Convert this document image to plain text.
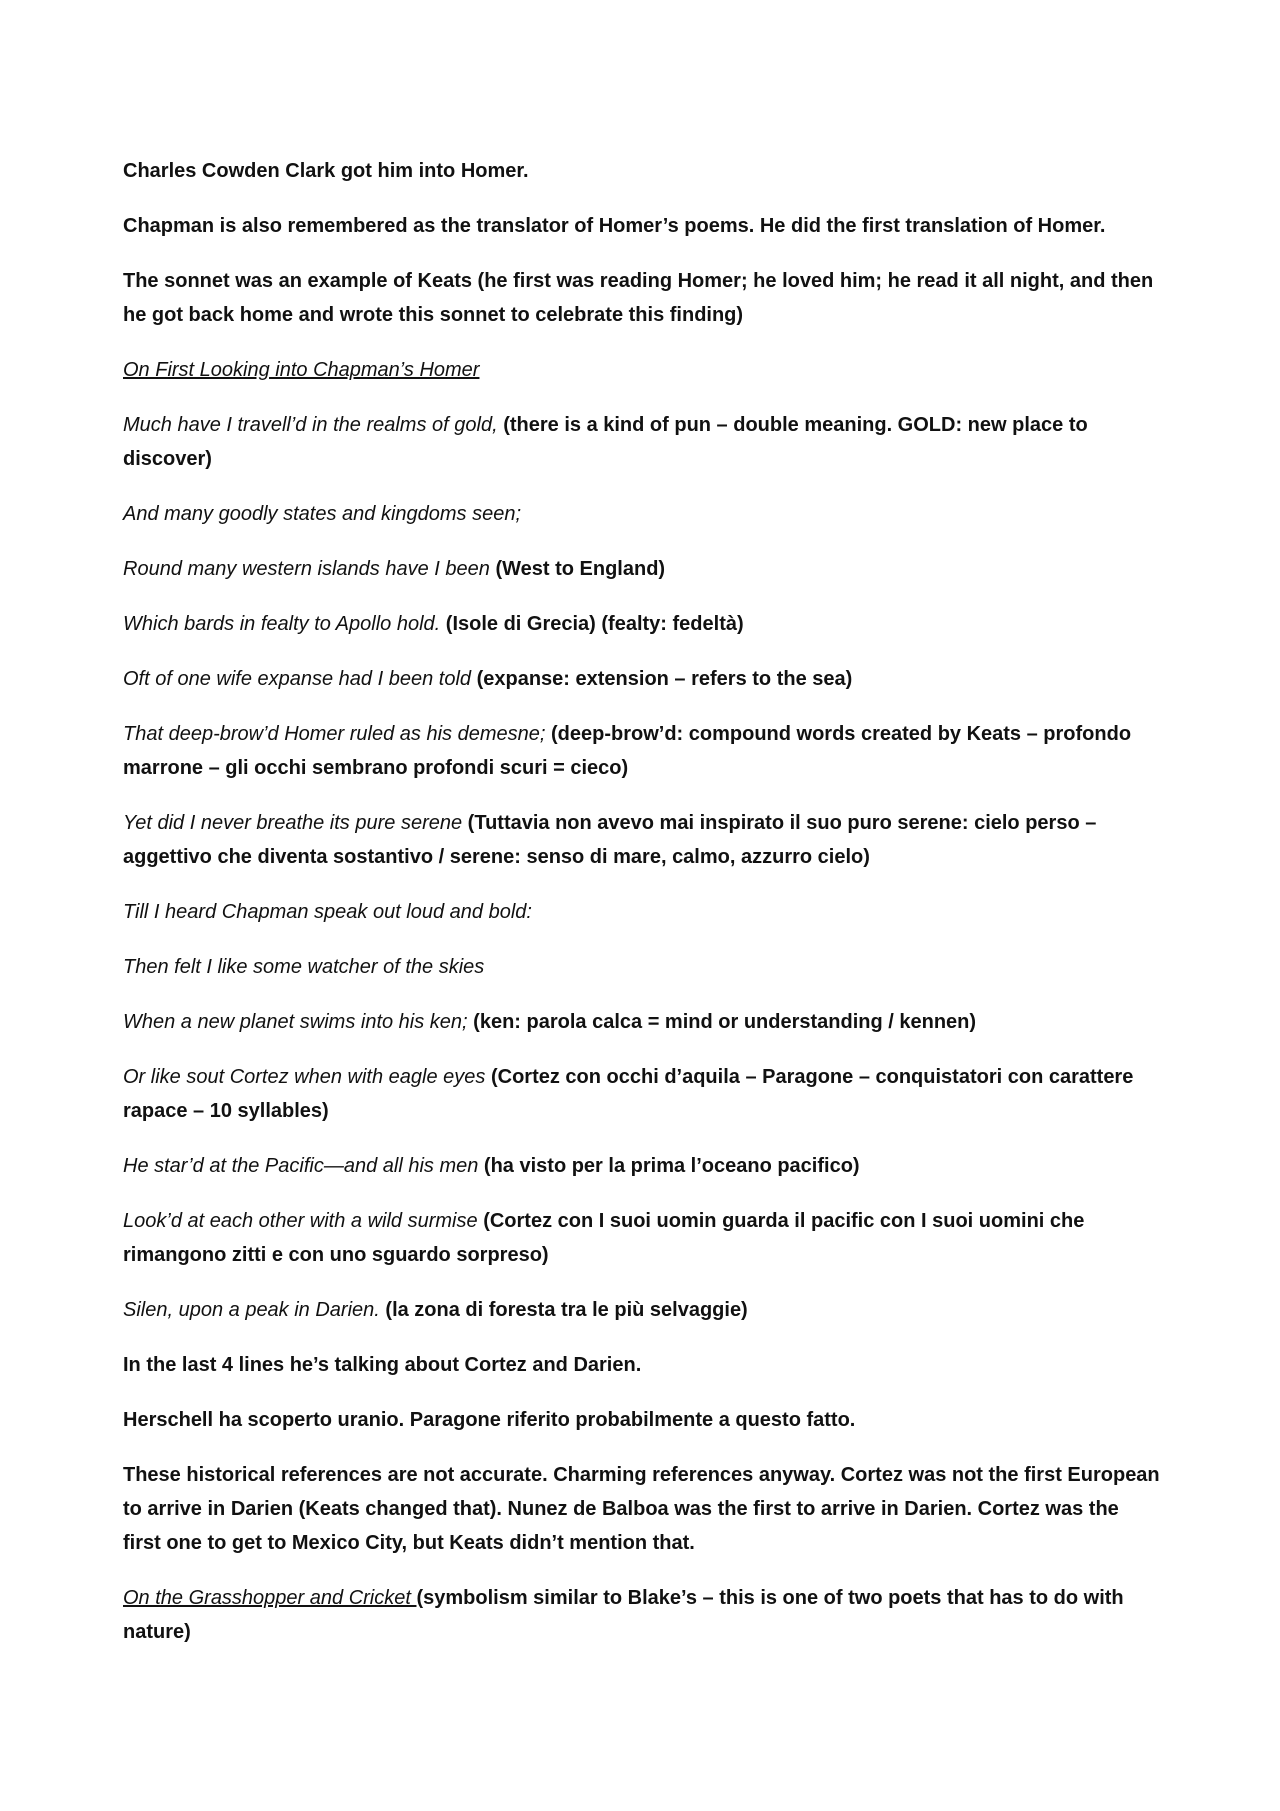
Charles Cowden Clark got him into Homer.

Chapman is also remembered as the translator of Homer’s poems. He did the first translation of Homer.

The sonnet was an example of Keats (he first was reading Homer; he loved him; he read it all night, and then he got back home and wrote this sonnet to celebrate this finding)

On First Looking into Chapman’s Homer

Much have I travell’d in the realms of gold, (there is a kind of pun – double meaning. GOLD: new place to discover)

And many goodly states and kingdoms seen;

Round many western islands have I been (West to England)

Which bards in fealty to Apollo hold. (Isole di Grecia) (fealty: fedeltà)

Oft of one wife expanse had I been told (expanse: extension – refers to the sea)

That deep-brow’d Homer ruled as his demesne; (deep-brow’d: compound words created by Keats – profondo marrone – gli occhi sembrano profondi scuri = cieco)

Yet did I never breathe its pure serene (Tuttavia non avevo mai inspirato il suo puro serene: cielo perso – aggettivo che diventa sostantivo / serene: senso di mare, calmo, azzurro cielo)

Till I heard Chapman speak out loud and bold:

Then felt I like some watcher of the skies

When a new planet swims into his ken; (ken: parola calca = mind or understanding / kennen)

Or like sout Cortez when with eagle eyes (Cortez con occhi d’aquila – Paragone – conquistatori con carattere rapace – 10 syllables)

He star’d at the Pacific—and all his men (ha visto per la prima l’oceano pacifico)

Look’d at each other with a wild surmise (Cortez con I suoi uomin guarda il pacific con I suoi uomini che rimangono zitti e con uno sguardo sorpreso)

Silen, upon a peak in Darien. (la zona di foresta tra le più selvaggie)

In the last 4 lines he’s talking about Cortez and Darien.

Herschell ha scoperto uranio. Paragone riferito probabilmente a questo fatto.

These historical references are not accurate. Charming references anyway. Cortez was not the first European to arrive in Darien (Keats changed that). Nunez de Balboa was the first to arrive in Darien. Cortez was the first one to get to Mexico City, but Keats didn’t mention that.

On the Grasshopper and Cricket (symbolism similar to Blake’s – this is one of two poets that has to do with nature)
